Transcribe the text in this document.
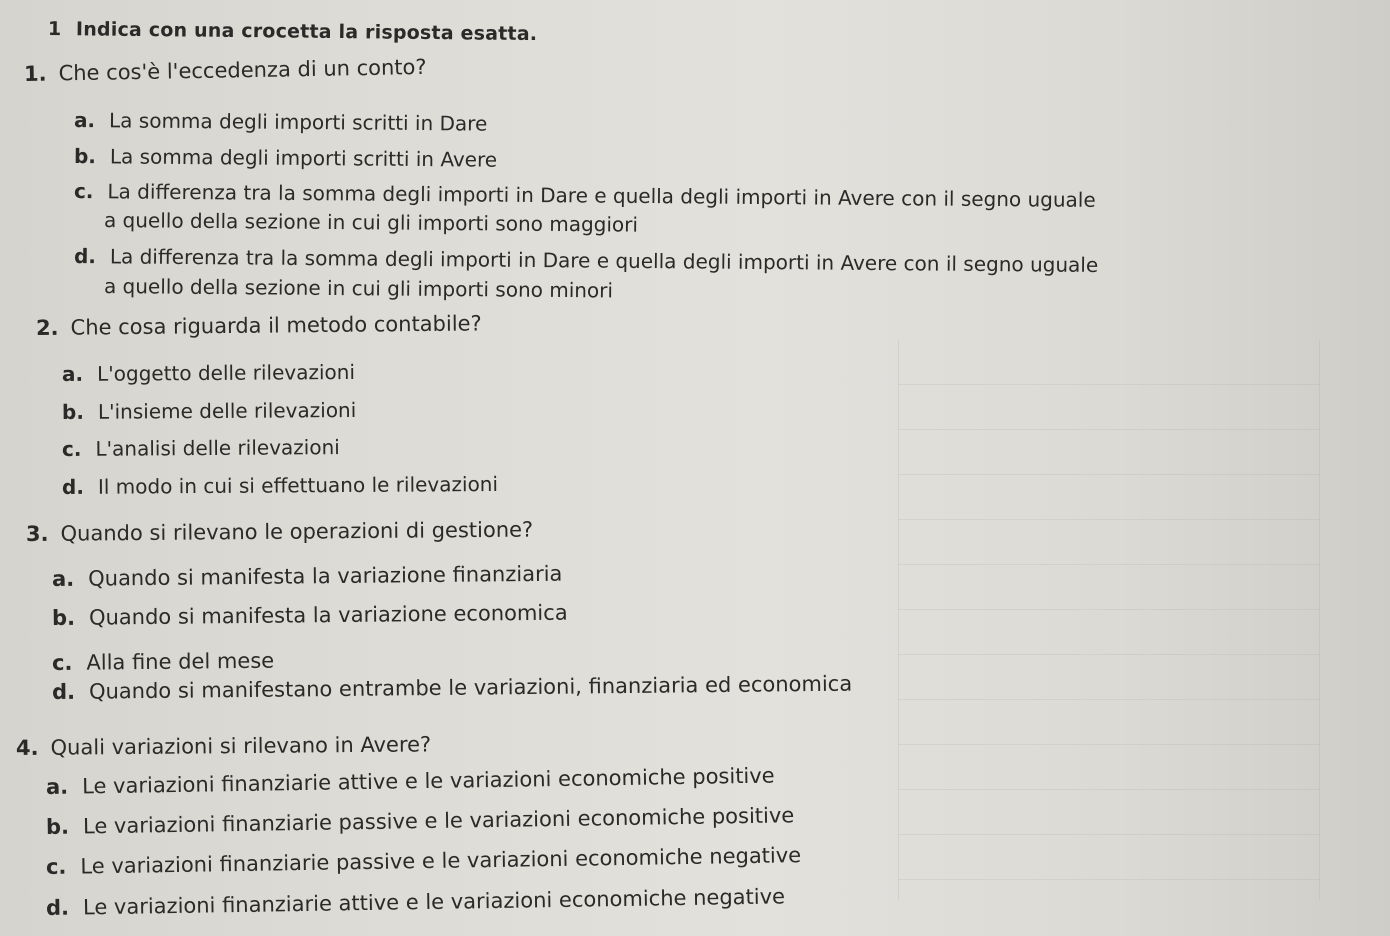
1 Indica con una crocetta la risposta esatta.
1. Che cos'è l'eccedenza di un conto?
a. La somma degli importi scritti in Dare
b. La somma degli importi scritti in Avere
c. La differenza tra la somma degli importi in Dare e quella degli importi in Avere con il segno uguale
a quello della sezione in cui gli importi sono maggiori
d. La differenza tra la somma degli importi in Dare e quella degli importi in Avere con il segno uguale
a quello della sezione in cui gli importi sono minori
2. Che cosa riguarda il metodo contabile?
a. L'oggetto delle rilevazioni
b. L'insieme delle rilevazioni
c. L'analisi delle rilevazioni
d. Il modo in cui si effettuano le rilevazioni
3. Quando si rilevano le operazioni di gestione?
a. Quando si manifesta la variazione finanziaria
b. Quando si manifesta la variazione economica
c. Alla fine del mese
d. Quando si manifestano entrambe le variazioni, finanziaria ed economica
4. Quali variazioni si rilevano in Avere?
a. Le variazioni finanziarie attive e le variazioni economiche positive
b. Le variazioni finanziarie passive e le variazioni economiche positive
c. Le variazioni finanziarie passive e le variazioni economiche negative
d. Le variazioni finanziarie attive e le variazioni economiche negative
